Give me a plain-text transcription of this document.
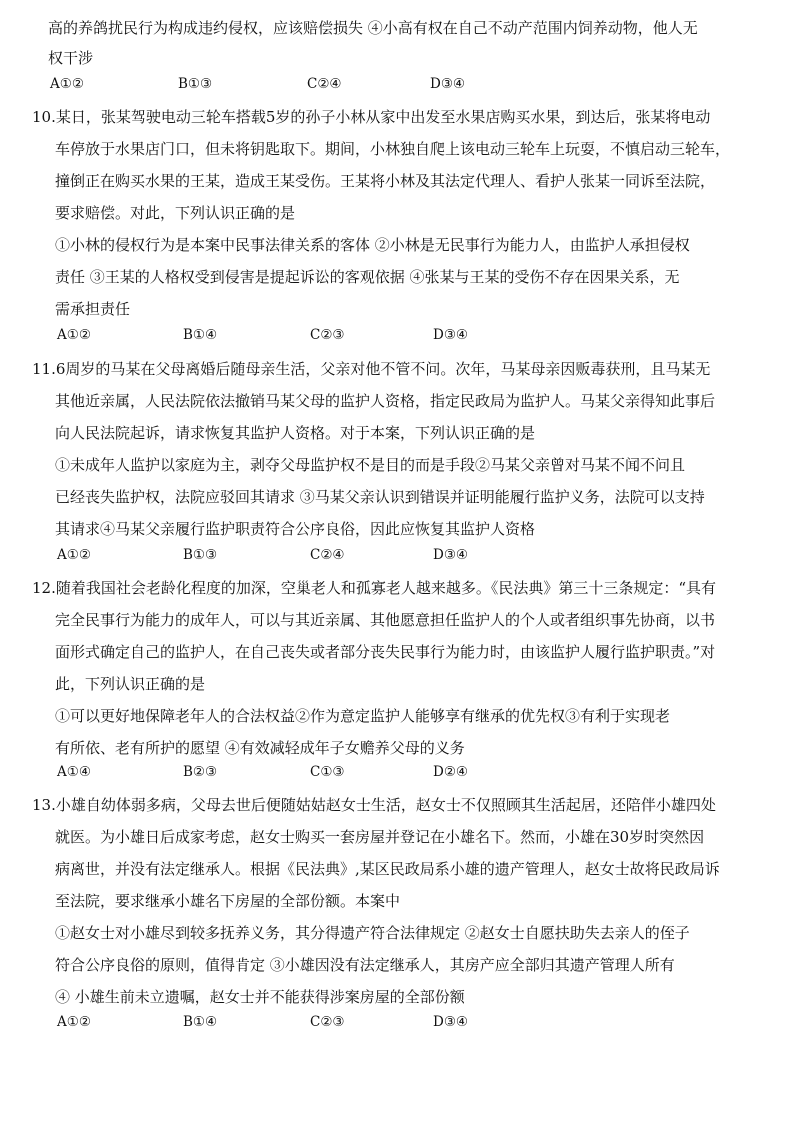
高的养鸽扰民行为构成违约侵权，应该赔偿损失 ④小高有权在自己不动产范围内饲养动物，他人无
权干涉
A①②	B①③	C②④	D③④
10.某日，张某驾驶电动三轮车搭载5岁的孙子小林从家中出发至水果店购买水果，到达后，张某将电动
车停放于水果店门口，但未将钥匙取下。期间，小林独自爬上该电动三轮车上玩耍，不慎启动三轮车，
撞倒正在购买水果的王某，造成王某受伤。王某将小林及其法定代理人、看护人张某一同诉至法院，
要求赔偿。对此，下列认识正确的是
①小林的侵权行为是本案中民事法律关系的客体 ②小林是无民事行为能力人，由监护人承担侵权
责任 ③王某的人格权受到侵害是提起诉讼的客观依据 ④张某与王某的受伤不存在因果关系，无
需承担责任
A①②	B①④	C②③	D③④
11.6周岁的马某在父母离婚后随母亲生活，父亲对他不管不问。次年，马某母亲因贩毒获刑，且马某无
其他近亲属，人民法院依法撤销马某父母的监护人资格，指定民政局为监护人。马某父亲得知此事后
向人民法院起诉，请求恢复其监护人资格。对于本案，下列认识正确的是
①未成年人监护以家庭为主，剥夺父母监护权不是目的而是手段②马某父亲曾对马某不闻不问且
已经丧失监护权，法院应驳回其请求 ③马某父亲认识到错误并证明能履行监护义务，法院可以支持
其请求④马某父亲履行监护职责符合公序良俗，因此应恢复其监护人资格
A①②	B①③	C②④	D③④
12.随着我国社会老龄化程度的加深，空巢老人和孤寡老人越来越多。《民法典》第三十三条规定：“具有
完全民事行为能力的成年人，可以与其近亲属、其他愿意担任监护人的个人或者组织事先协商，以书
面形式确定自己的监护人，在自己丧失或者部分丧失民事行为能力时，由该监护人履行监护职责。”对
此，下列认识正确的是
①可以更好地保障老年人的合法权益②作为意定监护人能够享有继承的优先权③有利于实现老
有所依、老有所护的愿望 ④有效减轻成年子女赡养父母的义务
A①④	B②③	C①③	D②④
13.小雄自幼体弱多病，父母去世后便随姑姑赵女士生活，赵女士不仅照顾其生活起居，还陪伴小雄四处
就医。为小雄日后成家考虑，赵女士购买一套房屋并登记在小雄名下。然而，小雄在30岁时突然因
病离世，并没有法定继承人。根据《民法典》,某区民政局系小雄的遗产管理人，赵女士故将民政局诉
至法院，要求继承小雄名下房屋的全部份额。本案中
①赵女士对小雄尽到较多抚养义务，其分得遗产符合法律规定 ②赵女士自愿扶助失去亲人的侄子
符合公序良俗的原则，值得肯定 ③小雄因没有法定继承人，其房产应全部归其遗产管理人所有
④ 小雄生前未立遗嘱，赵女士并不能获得涉案房屋的全部份额
A①②	B①④	C②③	D③④
